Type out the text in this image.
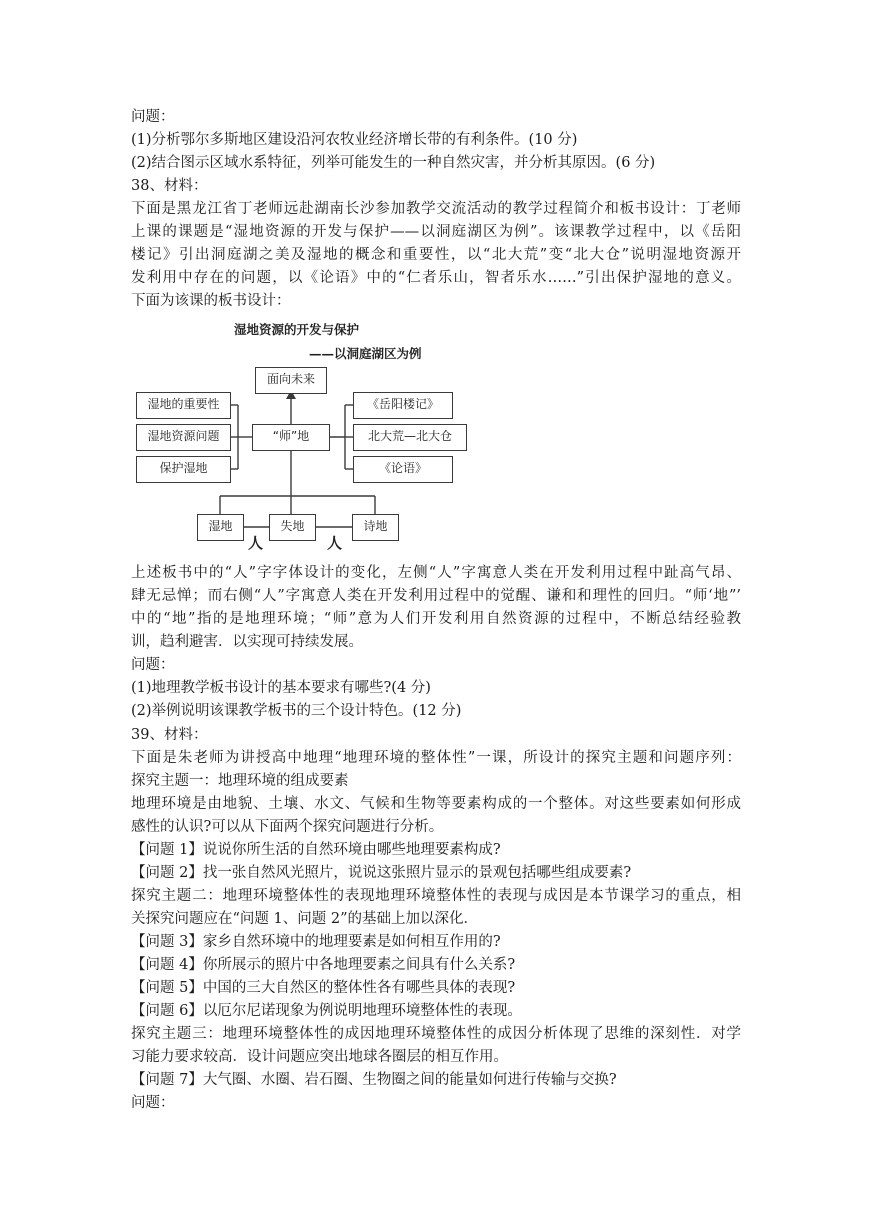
问题：
(1)分析鄂尔多斯地区建设沿河农牧业经济增长带的有利条件。(10 分)
(2)结合图示区域水系特征，列举可能发生的一种自然灾害，并分析其原因。(6 分)
38、材料：
下面是黑龙江省丁老师远赴湖南长沙参加教学交流活动的教学过程简介和板书设计：丁老师
上课的课题是“湿地资源的开发与保护——以洞庭湖区为例”。该课教学过程中，以《岳阳
楼记》引出洞庭湖之美及湿地的概念和重要性，以“北大荒”变“北大仓”说明湿地资源开
发利用中存在的问题，以《论语》中的“仁者乐山，智者乐水……”引出保护湿地的意义。
下面为该课的板书设计：
湿地资源的开发与保护
——以洞庭湖区为例
面向未来
“师”地
湿地的重要性
湿地资源问题
保护湿地
《岳阳楼记》
北大荒—北大仓
《论语》
湿地	失地	诗地
人	人
上述板书中的“人”字字体设计的变化，左侧“人”字寓意人类在开发利用过程中趾高气昂、
肆无忌惮；而右侧“人”字寓意人类在开发利用过程中的觉醒、谦和和理性的回归。“师‘地”’
中的“地”指的是地理环境；“师”意为人们开发利用自然资源的过程中，不断总结经验教
训，趋利避害．以实现可持续发展。
问题：
(1)地理教学板书设计的基本要求有哪些?(4 分)
(2)举例说明该课教学板书的三个设计特色。(12 分)
39、材料：
下面是朱老师为讲授高中地理“地理环境的整体性”一课，所设计的探究主题和问题序列：
探究主题一：地理环境的组成要素
地理环境是由地貌、土壤、水文、气候和生物等要素构成的一个整体。对这些要素如何形成
感性的认识?可以从下面两个探究问题进行分析。
【问题 1】说说你所生活的自然环境由哪些地理要素构成?
【问题 2】找一张自然风光照片，说说这张照片显示的景观包括哪些组成要素?
探究主题二：地理环境整体性的表现地理环境整体性的表现与成因是本节课学习的重点，相
关探究问题应在“问题 1、问题 2”的基础上加以深化．
【问题 3】家乡自然环境中的地理要素是如何相互作用的?
【问题 4】你所展示的照片中各地理要素之间具有什么关系?
【问题 5】中国的三大自然区的整体性各有哪些具体的表现?
【问题 6】以厄尔尼诺现象为例说明地理环境整体性的表现。
探究主题三：地理环境整体性的成因地理环境整体性的成因分析体现了思维的深刻性．对学
习能力要求较高．设计问题应突出地球各圈层的相互作用。
【问题 7】大气圈、水圈、岩石圈、生物圈之间的能量如何进行传输与交换?
问题：
